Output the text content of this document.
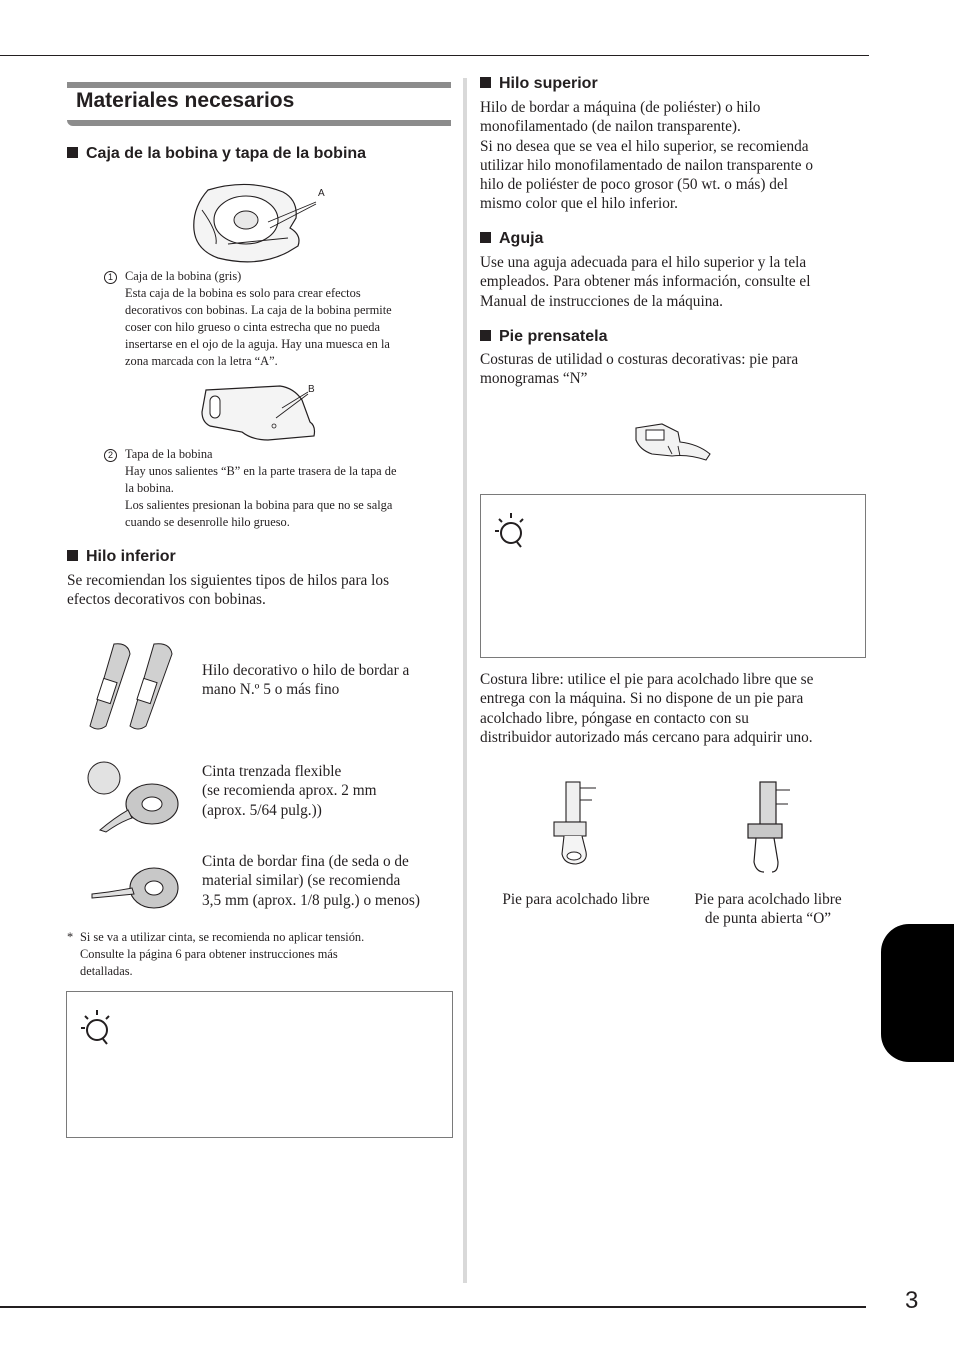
3
Materiales necesarios
Caja de la bobina y tapa de la bobina
A
1 Caja de la bobina (gris)
Esta caja de la bobina es solo para crear efectos
decorativos con bobinas. La caja de la bobina permite
coser con hilo grueso o cinta estrecha que no pueda
insertarse en el ojo de la aguja. Hay una muesca en la
zona marcada con la letra “A”.
B
2 Tapa de la bobina
Hay unos salientes “B” en la parte trasera de la tapa de
la bobina.
Los salientes presionan la bobina para que no se salga
cuando se desenrolle hilo grueso.
Hilo inferior
Se recomiendan los siguientes tipos de hilos para los
efectos decorativos con bobinas.
Hilo decorativo o hilo de bordar a
mano N.º 5 o más fino
Cinta trenzada flexible
(se recomienda aprox. 2 mm
(aprox. 5/64 pulg.))
Cinta de bordar fina (de seda o de
material similar) (se recomienda
3,5 mm (aprox. 1/8 pulg.) o menos)
* Si se va a utilizar cinta, se recomienda no aplicar tensión.
Consulte la página 6 para obtener instrucciones más
detalladas.
Hilo superior
Hilo de bordar a máquina (de poliéster) o hilo
monofilamentado (de nailon transparente).
Si no desea que se vea el hilo superior, se recomienda
utilizar hilo monofilamentado de nailon transparente o
hilo de poliéster de poco grosor (50 wt. o más) del
mismo color que el hilo inferior.
Aguja
Use una aguja adecuada para el hilo superior y la tela
empleados. Para obtener más información, consulte el
Manual de instrucciones de la máquina.
Pie prensatela
Costuras de utilidad o costuras decorativas: pie para
monogramas “N”
Costura libre: utilice el pie para acolchado libre que se
entrega con la máquina. Si no dispone de un pie para
acolchado libre, póngase en contacto con su
distribuidor autorizado más cercano para adquirir uno.
Pie para acolchado libre	Pie para acolchado libre
de punta abierta “O”
